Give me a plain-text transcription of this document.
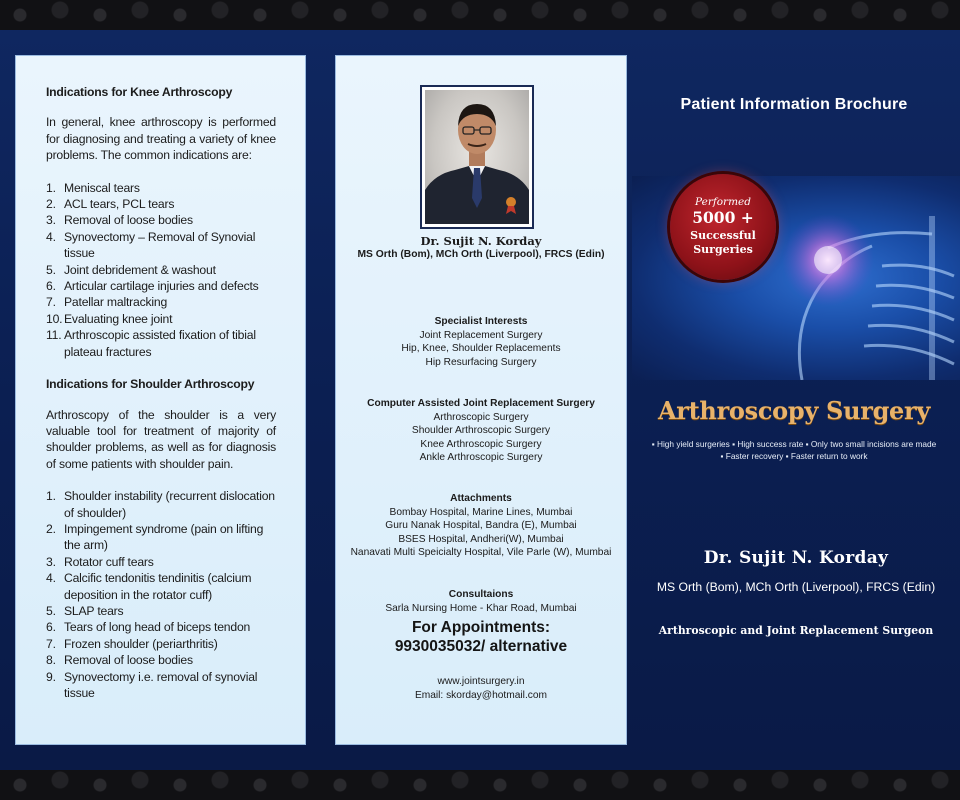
Indications for Knee Arthroscopy
In general, knee arthroscopy is performed for diagnosing and treating a variety of knee problems. The common indications are:
1. Meniscal tears
2. ACL tears, PCL tears
3. Removal of loose bodies
4. Synovectomy – Removal of Synovial tissue
5. Joint debridement & washout
6. Articular cartilage injuries and defects
7. Patellar maltracking
10. Evaluating knee joint
11. Arthroscopic assisted fixation of tibial plateau fractures
Indications for Shoulder Arthroscopy
Arthroscopy of the shoulder is a very valuable tool for treatment of majority of shoulder problems, as well as for diagnosis of some patients with shoulder pain.
1. Shoulder instability (recurrent dislocation of shoulder)
2. Impingement syndrome (pain on lifting the arm)
3. Rotator cuff tears
4. Calcific tendonitis tendinitis (calcium deposition in the rotator cuff)
5. SLAP tears
6. Tears of long head of biceps tendon
7. Frozen shoulder (periarthritis)
8. Removal of loose bodies
9. Synovectomy i.e. removal of synovial tissue
Dr. Sujit N. Korday
MS Orth (Bom), MCh Orth (Liverpool), FRCS (Edin)
Specialist Interests
Joint Replacement Surgery
Hip, Knee, Shoulder Replacements
Hip Resurfacing Surgery
Computer Assisted Joint Replacement Surgery
Arthroscopic Surgery
Shoulder Arthroscopic Surgery
Knee Arthroscopic Surgery
Ankle Arthroscopic Surgery
Attachments
Bombay Hospital, Marine Lines, Mumbai
Guru Nanak Hospital, Bandra (E), Mumbai
BSES Hospital, Andheri(W), Mumbai
Nanavati Multi Speicialty Hospital, Vile Parle (W), Mumbai
Consultaions
Sarla Nursing Home - Khar Road, Mumbai
For Appointments:
9930035032/ alternative
www.jointsurgery.in
Email: skorday@hotmail.com
Patient Information Brochure
Performed
5000 +
Successful
Surgeries
Arthroscopy Surgery
▪ High yield surgeries ▪ High success rate ▪ Only two small incisions are made
▪ Faster recovery ▪ Faster return to work
Dr. Sujit N. Korday
MS Orth (Bom), MCh Orth (Liverpool), FRCS (Edin)
Arthroscopic and Joint Replacement Surgeon
